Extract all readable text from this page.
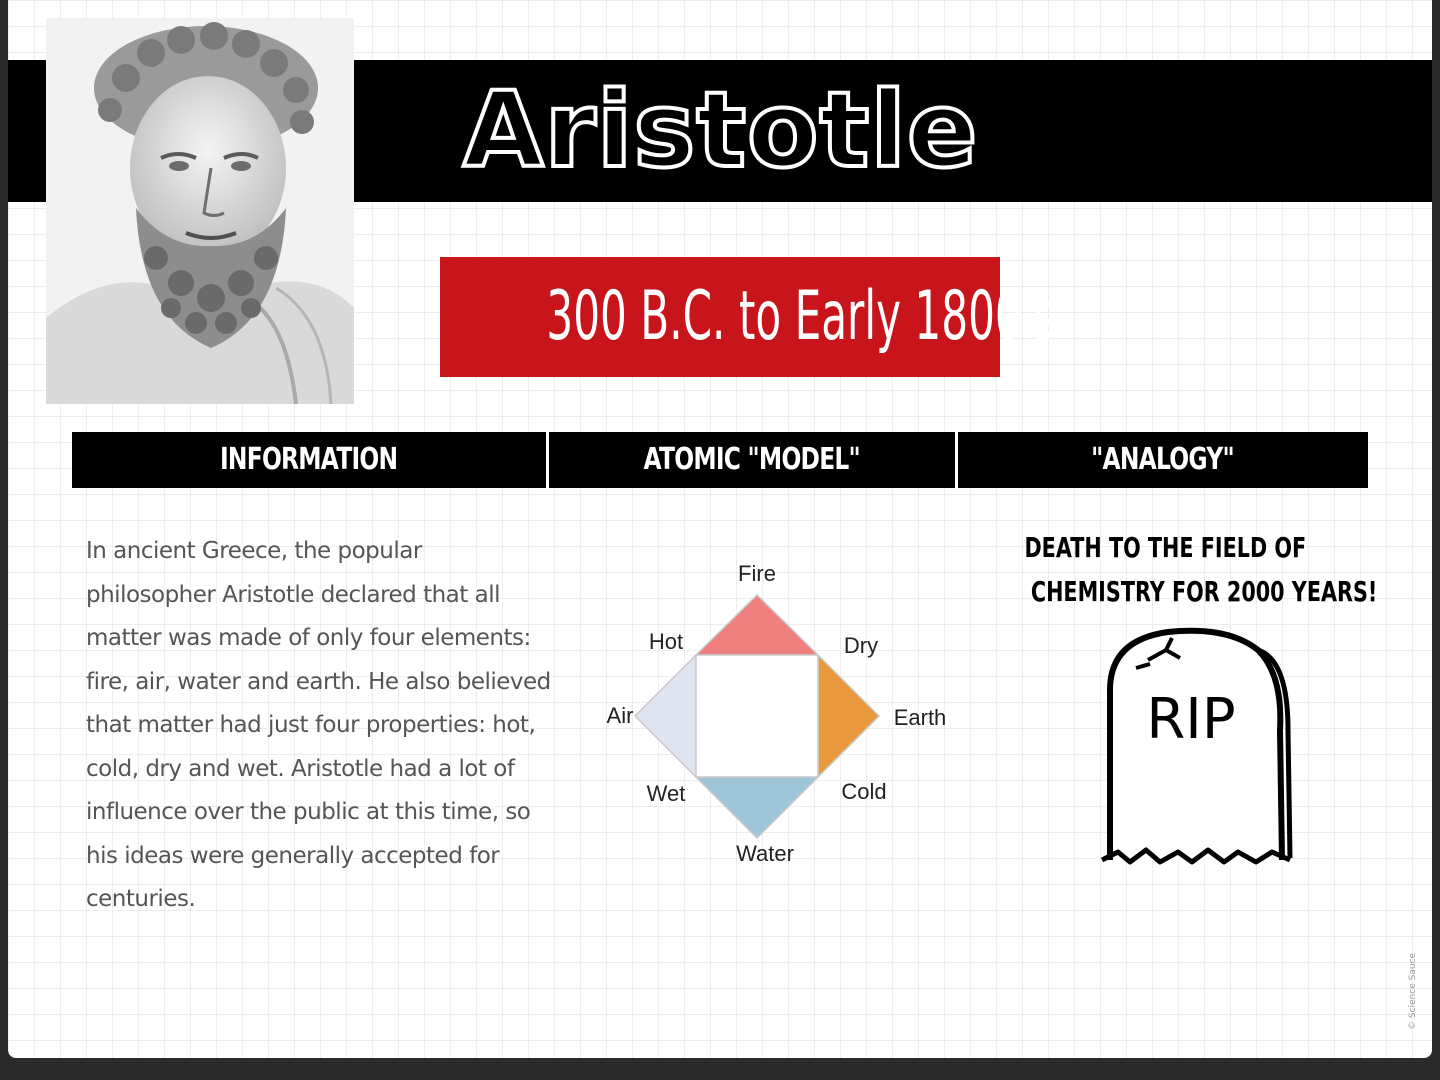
Aristotle
300 B.C. to Early 1800's
INFORMATION	ATOMIC "MODEL"	"ANALOGY"
In ancient Greece, the popular philosopher Aristotle declared that all matter was made of only four elements: fire, air, water and earth. He also believed that matter had just four properties: hot, cold, dry and wet. Aristotle had a lot of influence over the public at this time, so his ideas were generally accepted for centuries.
Fire
Hot	Dry
Air	Earth
Wet	Cold
Water
DEATH TO THE FIELD OF
CHEMISTRY FOR 2000 YEARS!
RIP
© Science Sauce
